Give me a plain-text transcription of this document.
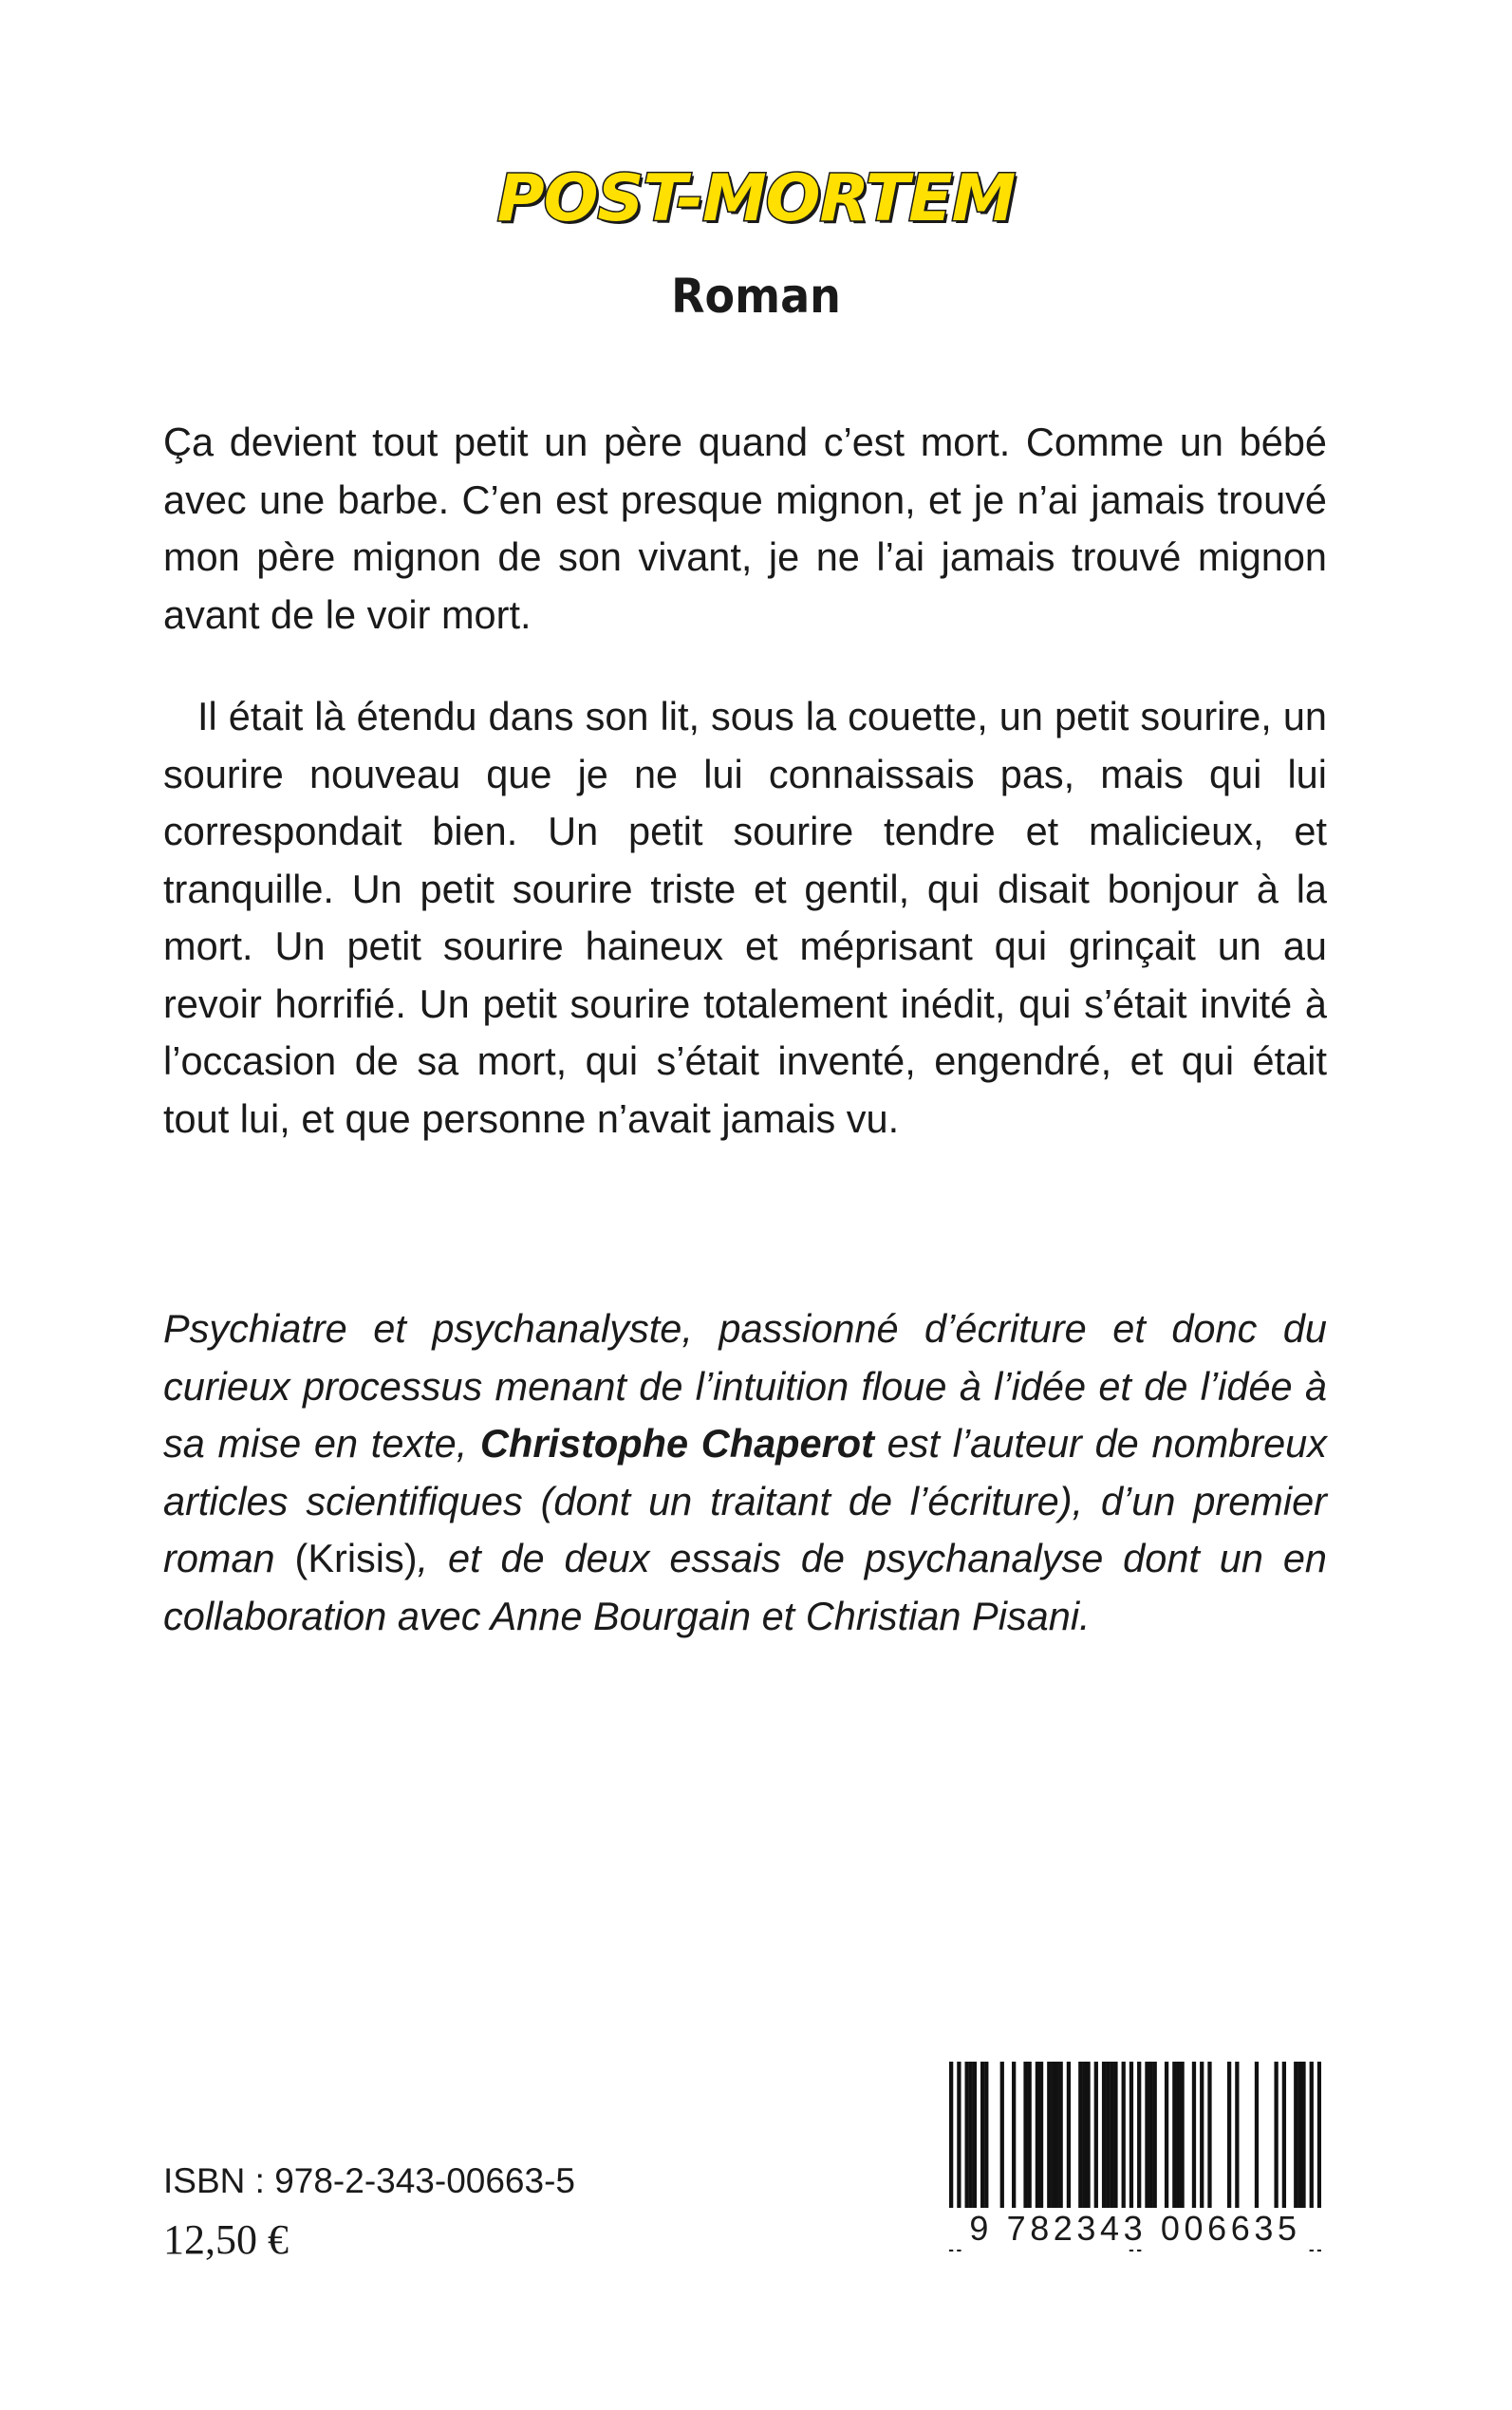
POST-MORTEM
Roman
Ça devient tout petit un père quand c’est mort. Comme un bébé avec une barbe. C’en est presque mignon, et je n’ai jamais trouvé mon père mignon de son vivant, je ne l’ai jamais trouvé mignon avant de le voir mort.
Il était là étendu dans son lit, sous la couette, un petit sourire, un sourire nouveau que je ne lui connaissais pas, mais qui lui correspondait bien. Un petit sourire tendre et malicieux, et tranquille. Un petit sourire triste et gentil, qui disait bonjour à la mort. Un petit sourire haineux et méprisant qui grinçait un au revoir horrifié. Un petit sourire totalement inédit, qui s’était invité à l’occasion de sa mort, qui s’était inventé, engendré, et qui était tout lui, et que personne n’avait jamais vu.
Psychiatre et psychanalyste, passionné d’écriture et donc du curieux processus menant de l’intuition floue à l’idée et de l’idée à sa mise en texte, Christophe Chaperot est l’auteur de nombreux articles scientifiques (dont un traitant de l’écriture), d’un premier roman (Krisis), et de deux essais de psychanalyse dont un en collaboration avec Anne Bourgain et Christian Pisani.
ISBN : 978-2-343-00663-5
12,50 €	9 782343 006635
